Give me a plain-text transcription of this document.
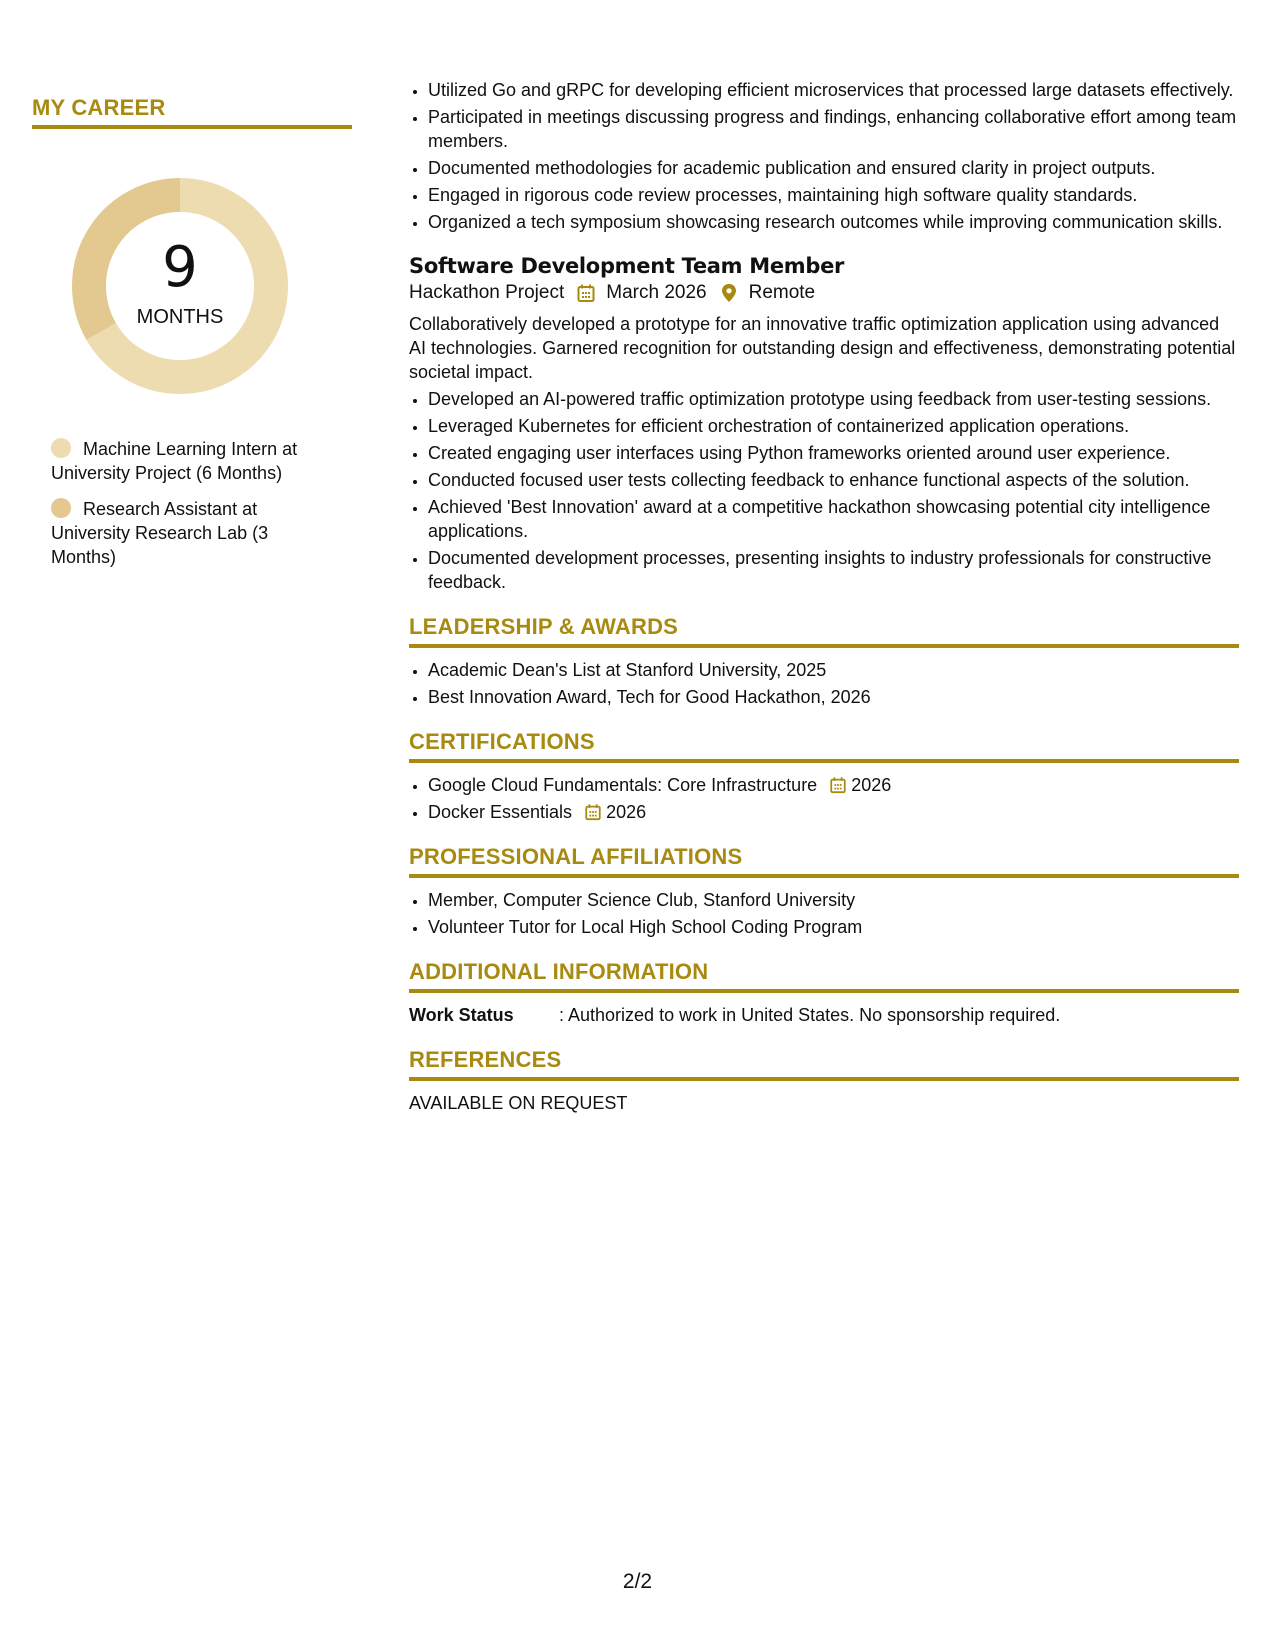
MY CAREER
9
MONTHS
Machine Learning Intern at University Project (6 Months)
Research Assistant at University Research Lab (3 Months)
• Utilized Go and gRPC for developing efficient microservices that processed large datasets effectively.
• Participated in meetings discussing progress and findings, enhancing collaborative effort among team members.
• Documented methodologies for academic publication and ensured clarity in project outputs.
• Engaged in rigorous code review processes, maintaining high software quality standards.
• Organized a tech symposium showcasing research outcomes while improving communication skills.
Software Development Team Member
Hackathon Project March 2026 Remote

Collaboratively developed a prototype for an innovative traffic optimization application using advanced AI technologies. Garnered recognition for outstanding design and effectiveness, demonstrating potential societal impact.

• Developed an AI-powered traffic optimization prototype using feedback from user-testing sessions.
• Leveraged Kubernetes for efficient orchestration of containerized application operations.
• Created engaging user interfaces using Python frameworks oriented around user experience.
• Conducted focused user tests collecting feedback to enhance functional aspects of the solution.
• Achieved 'Best Innovation' award at a competitive hackathon showcasing potential city intelligence applications.
• Documented development processes, presenting insights to industry professionals for constructive feedback.
LEADERSHIP & AWARDS
• Academic Dean's List at Stanford University, 2025
• Best Innovation Award, Tech for Good Hackathon, 2026
CERTIFICATIONS
• Google Cloud Fundamentals: Core Infrastructure 2026
• Docker Essentials 2026
PROFESSIONAL AFFILIATIONS
• Member, Computer Science Club, Stanford University
• Volunteer Tutor for Local High School Coding Program
ADDITIONAL INFORMATION
Work Status	: Authorized to work in United States. No sponsorship required.
REFERENCES
AVAILABLE ON REQUEST
2/2
